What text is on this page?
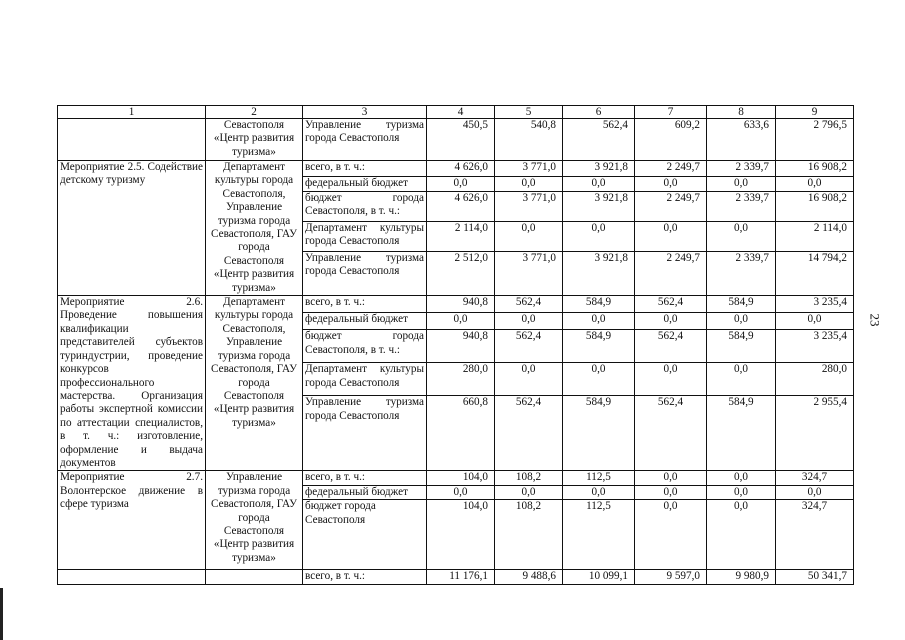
1	2	3	4	5	6	7	8	9
	Севастополя «Центр развития туризма»	Управление туризма города Севастополя	450,5	540,8	562,4	609,2	633,6	2 796,5
Мероприятие 2.5. Содействие детскому туризму	Департамент культуры города Севастополя, Управление туризма города Севастополя, ГАУ города Севастополя «Центр развития туризма»	всего, в т. ч.:	4 626,0	3 771,0	3 921,8	2 249,7	2 339,7	16 908,2
		федеральный бюджет	0,0	0,0	0,0	0,0	0,0	0,0
		бюджет города Севастополя, в т. ч.:	4 626,0	3 771,0	3 921,8	2 249,7	2 339,7	16 908,2
		Департамент культуры города Севастополя	2 114,0	0,0	0,0	0,0	0,0	2 114,0
		Управление туризма города Севастополя	2 512,0	3 771,0	3 921,8	2 249,7	2 339,7	14 794,2
Мероприятие 2.6. Проведение повышения квалификации представителей субъектов туриндустрии, проведение конкурсов профессионального мастерства. Организация работы экспертной комиссии по аттестации специалистов, в т. ч.: изготовление, оформление и выдача документов	Департамент культуры города Севастополя, Управление туризма города Севастополя, ГАУ города Севастополя «Центр развития туризма»	всего, в т. ч.:	940,8	562,4	584,9	562,4	584,9	3 235,4
		федеральный бюджет	0,0	0,0	0,0	0,0	0,0	0,0
		бюджет города Севастополя, в т. ч.:	940,8	562,4	584,9	562,4	584,9	3 235,4
		Департамент культуры города Севастополя	280,0	0,0	0,0	0,0	0,0	280,0
		Управление туризма города Севастополя	660,8	562,4	584,9	562,4	584,9	2 955,4
Мероприятие 2.7. Волонтерское движение в сфере туризма	Управление туризма города Севастополя, ГАУ города Севастополя «Центр развития туризма»	всего, в т. ч.:	104,0	108,2	112,5	0,0	0,0	324,7
		федеральный бюджет	0,0	0,0	0,0	0,0	0,0	0,0
		бюджет города Севастополя	104,0	108,2	112,5	0,0	0,0	324,7
		всего, в т. ч.:	11 176,1	9 488,6	10 099,1	9 597,0	9 980,9	50 341,7
23
